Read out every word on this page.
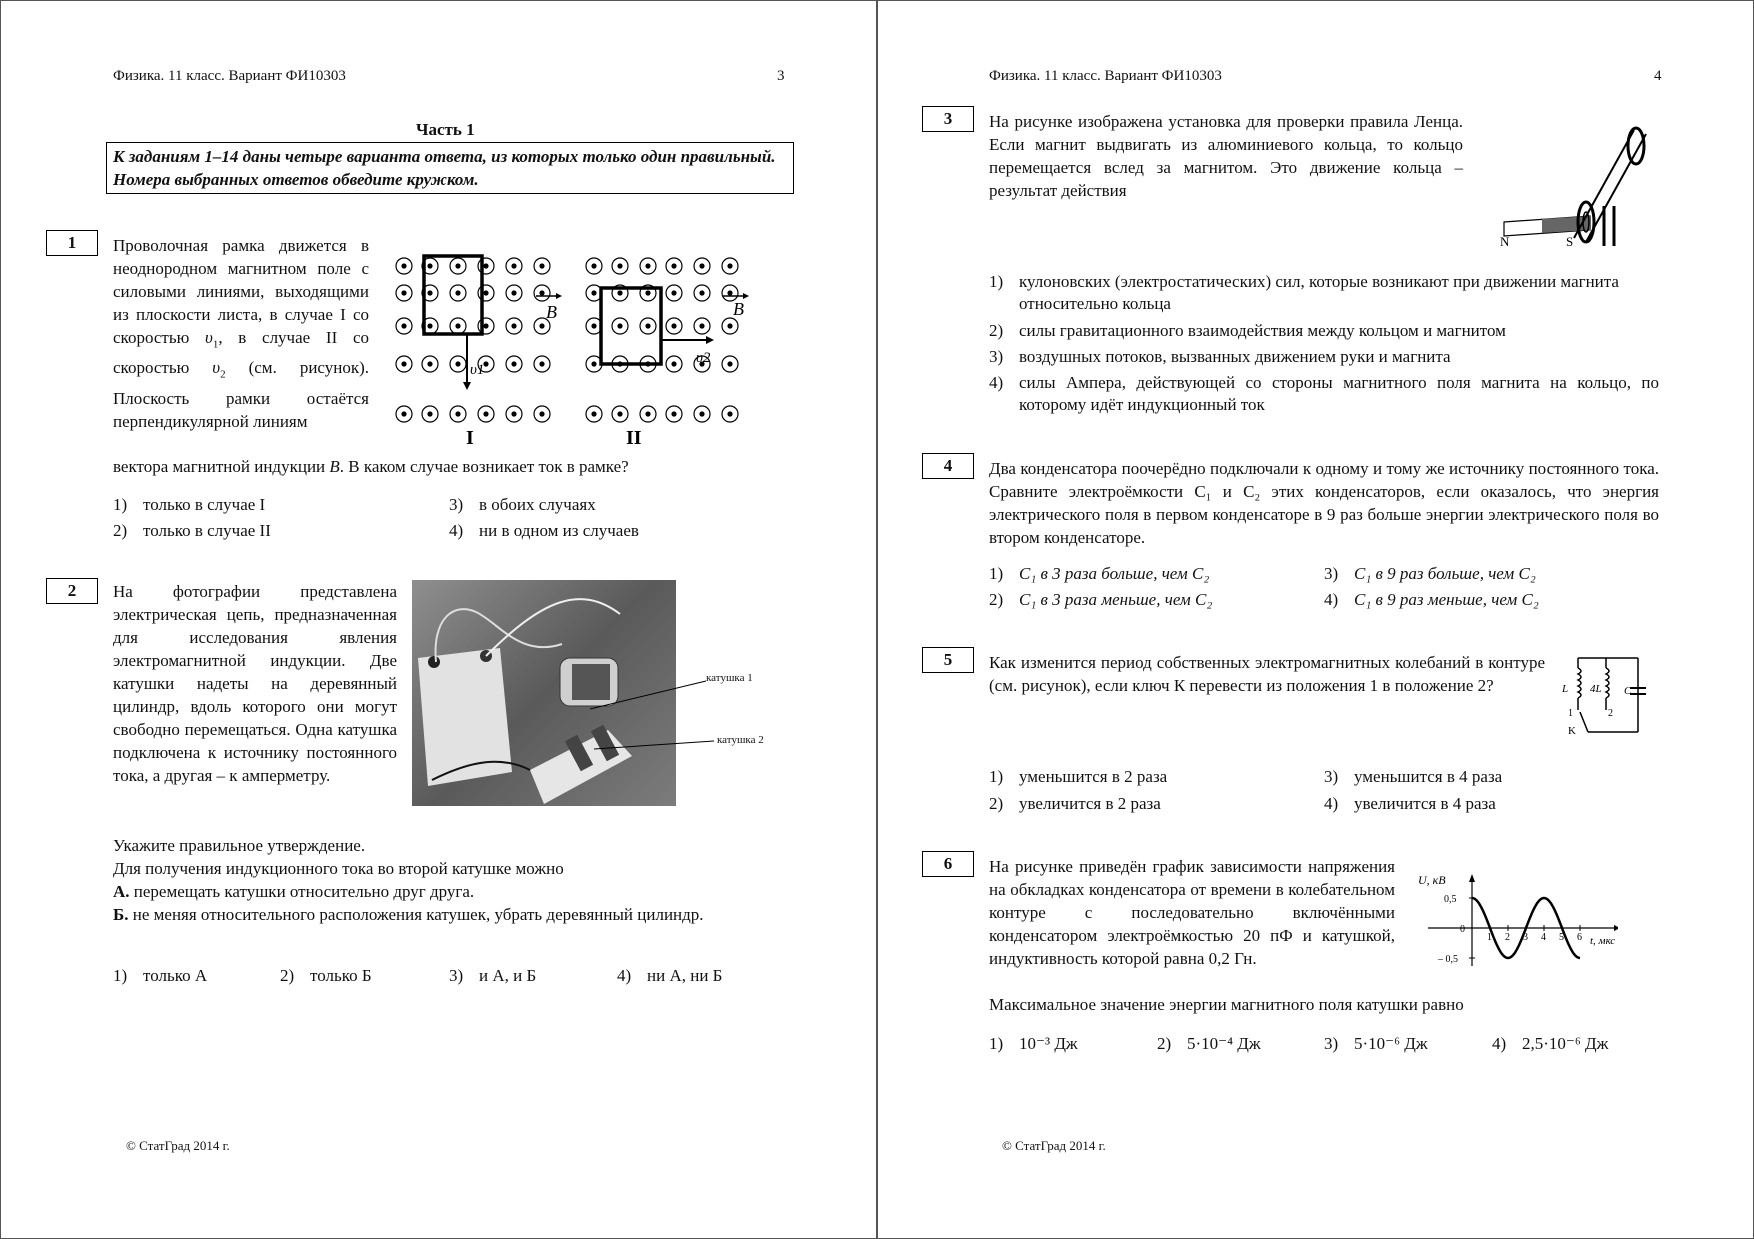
Физика. 11 класс. Вариант ФИ10303	3
Часть 1
К заданиям 1–14 даны четыре варианта ответа, из которых только один правильный. Номера выбранных ответов обведите кружком.
1	Проволочная рамка движется в неоднородном магнитном поле с силовыми линиями, выходящими из плоскости листа, в случае I со скоростью $\upsilon_1$, в случае II со скоростью $\upsilon_2$ (см. рисунок). Плоскость рамки остаётся перпендикулярной линиям
вектора магнитной индукции B. В каком случае возникает ток в рамке?
B	B
υ1
υ2
I	II
1) только в случае I
2) только в случае II
3) в обоих случаях
4) ни в одном из случаев
2	На фотографии представлена электрическая цепь, предназначенная для исследования явления электромагнитной индукции. Две катушки надеты на деревянный цилиндр, вдоль которого они могут свободно перемещаться. Одна катушка подключена к источнику постоянного тока, а другая – к амперметру.
катушка 1
катушка 2
Укажите правильное утверждение.
Для получения индукционного тока во второй катушке можно
А. перемещать катушки относительно друг друга.
Б. не меняя относительного расположения катушек, убрать деревянный цилиндр.
1) только А	2) только Б	3) и А, и Б	4) ни А, ни Б
© СтатГрад 2014 г.
Физика. 11 класс. Вариант ФИ10303	4
3	На рисунке изображена установка для проверки правила Ленца. Если магнит выдвигать из алюминиевого кольца, то кольцо перемещается вслед за магнитом. Это движение кольца – результат действия
N	S
1) кулоновских (электростатических) сил, которые возникают при движении магнита относительно кольца
2) силы гравитационного взаимодействия между кольцом и магнитом
3) воздушных потоков, вызванных движением руки и магнита
4) силы Ампера, действующей со стороны магнитного поля магнита на кольцо, по которому идёт индукционный ток
4	Два конденсатора поочерёдно подключали к одному и тому же источнику постоянного тока. Сравните электроёмкости C₁ и C₂ этих конденсаторов, если оказалось, что энергия электрического поля в первом конденсаторе в 9 раз больше энергии электрического поля во втором конденсаторе.
1) C₁ в 3 раза больше, чем C₂
2) C₁ в 3 раза меньше, чем C₂
3) C₁ в 9 раз больше, чем C₂
4) C₁ в 9 раз меньше, чем C₂
5	Как изменится период собственных электромагнитных колебаний в контуре (см. рисунок), если ключ К перевести из положения 1 в положение 2?	L 4L C
1	2
K
1) уменьшится в 2 раза
2) увеличится в 2 раза
3) уменьшится в 4 раза
4) увеличится в 4 раза
6	На рисунке приведён график зависимости напряжения на обкладках конденсатора от времени в колебательном контуре с последовательно включёнными конденсатором электроёмкостью 20 пФ и катушкой, индуктивность которой равна 0,2 Гн.
Максимальное значение энергии магнитного поля катушки равно
U, кВ
t, мкс
1 2 3 4 5 6
– 0,5
0
0,5
1) 10⁻³ Дж	2) 5·10⁻⁴ Дж	3) 5·10⁻⁶ Дж	4) 2,5·10⁻⁶ Дж
© СтатГрад 2014 г.
